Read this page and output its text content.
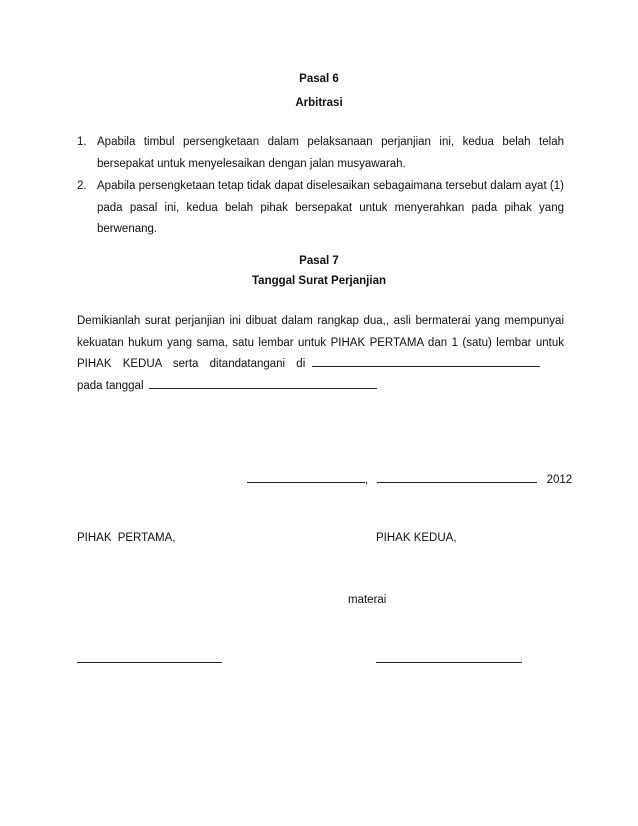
Pasal 6
Arbitrasi
1. Apabila timbul persengketaan dalam pelaksanaan perjanjian ini, kedua belah telah bersepakat untuk menyelesaikan dengan jalan musyawarah.
2. Apabila persengketaan tetap tidak dapat diselesaikan sebagaimana tersebut dalam ayat (1) pada pasal ini, kedua belah pihak bersepakat untuk menyerahkan pada pihak yang berwenang.
Pasal 7
Tanggal Surat Perjanjian
Demikianlah surat perjanjian ini dibuat dalam rangkap dua,, asli bermaterai yang mempunyai
kekuatan hukum yang sama, satu lembar untuk PIHAK PERTAMA dan 1 (satu) lembar untuk
PIHAK KEDUA serta ditandatangani di
pada tanggal
,	2012
PIHAK PERTAMA,	PIHAK KEDUA,
materai
